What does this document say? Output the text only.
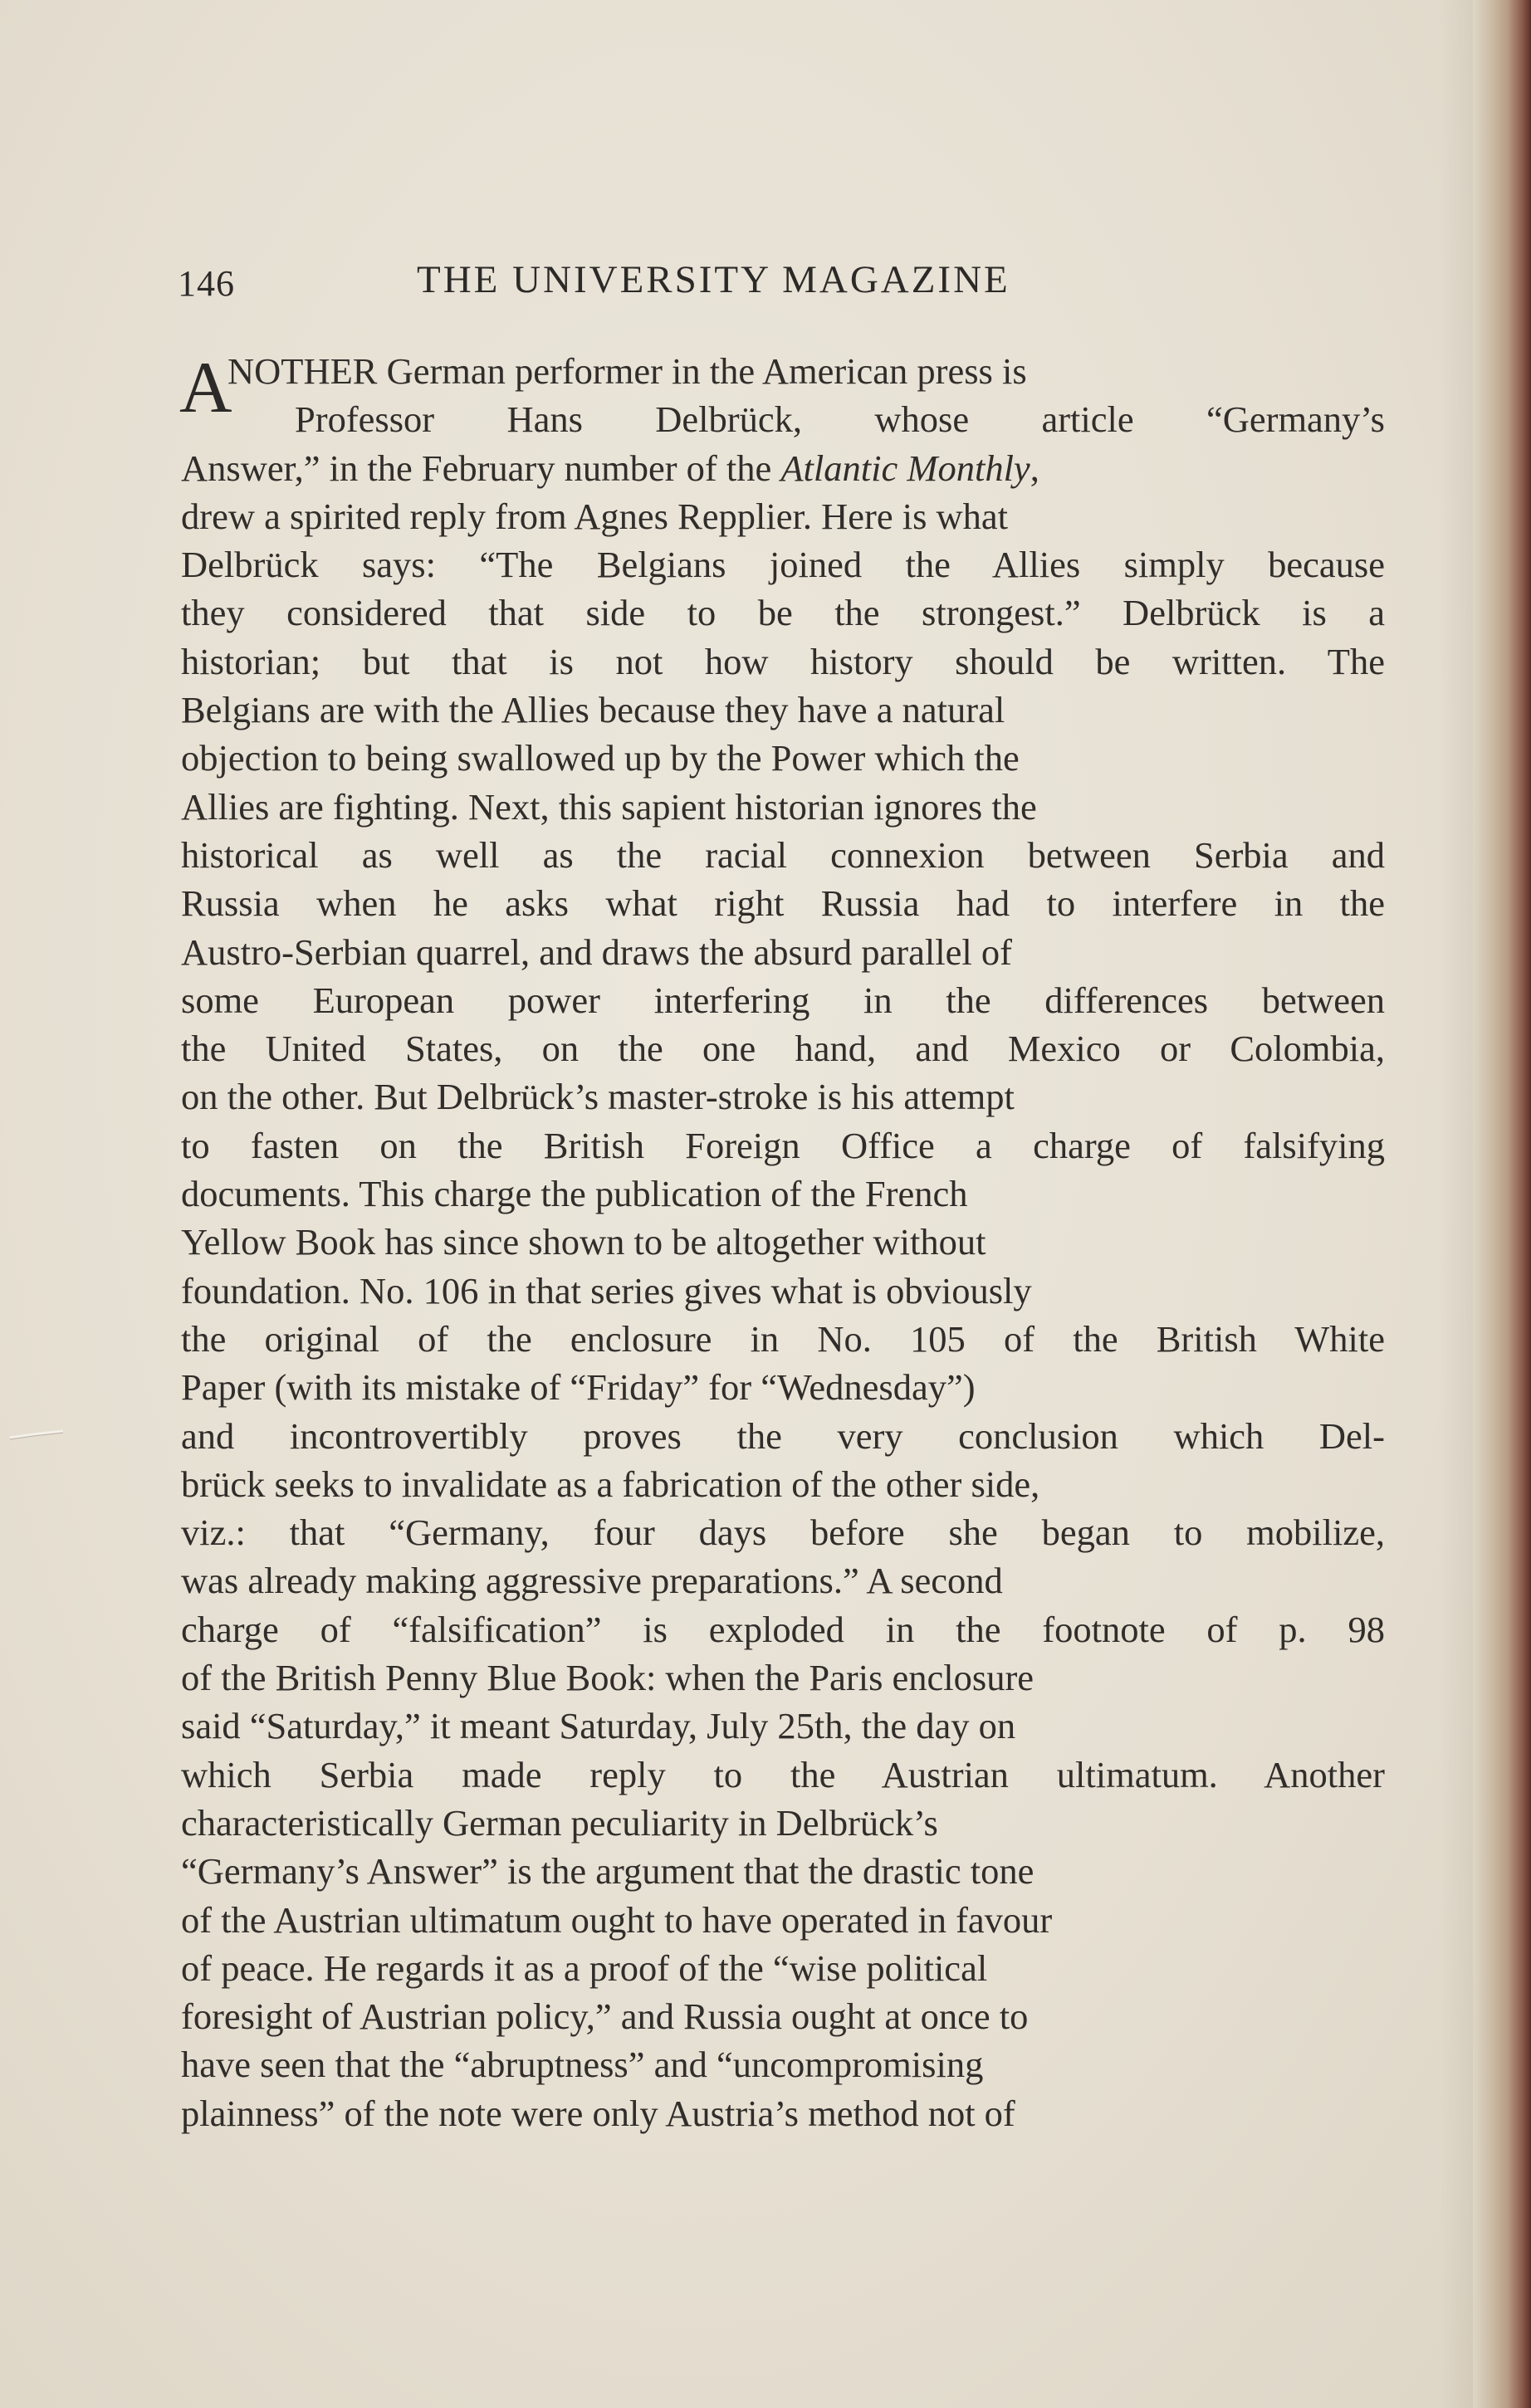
146	THE UNIVERSITY MAGAZINE
A
NOTHER German performer in the American press is
Professor Hans Delbrück, whose article “Germany’s
Answer,” in the February number of the Atlantic Monthly,
drew a spirited reply from Agnes Repplier. Here is what
Delbrück says: “The Belgians joined the Allies simply because
they considered that side to be the strongest.” Delbrück is a
historian; but that is not how history should be written. The
Belgians are with the Allies because they have a natural
objection to being swallowed up by the Power which the
Allies are fighting. Next, this sapient historian ignores the
historical as well as the racial connexion between Serbia and
Russia when he asks what right Russia had to interfere in the
Austro-Serbian quarrel, and draws the absurd parallel of
some European power interfering in the differences between
the United States, on the one hand, and Mexico or Colombia,
on the other. But Delbrück’s master-stroke is his attempt
to fasten on the British Foreign Office a charge of falsifying
documents. This charge the publication of the French
Yellow Book has since shown to be altogether without
foundation. No. 106 in that series gives what is obviously
the original of the enclosure in No. 105 of the British White
Paper (with its mistake of “Friday” for “Wednesday”)
and incontrovertibly proves the very conclusion which Del-
brück seeks to invalidate as a fabrication of the other side,
viz.: that “Germany, four days before she began to mobilize,
was already making aggressive preparations.” A second
charge of “falsification” is exploded in the footnote of p. 98
of the British Penny Blue Book: when the Paris enclosure
said “Saturday,” it meant Saturday, July 25th, the day on
which Serbia made reply to the Austrian ultimatum. Another
characteristically German peculiarity in Delbrück’s
“Germany’s Answer” is the argument that the drastic tone
of the Austrian ultimatum ought to have operated in favour
of peace. He regards it as a proof of the “wise political
foresight of Austrian policy,” and Russia ought at once to
have seen that the “abruptness” and “uncompromising
plainness” of the note were only Austria’s method not of
